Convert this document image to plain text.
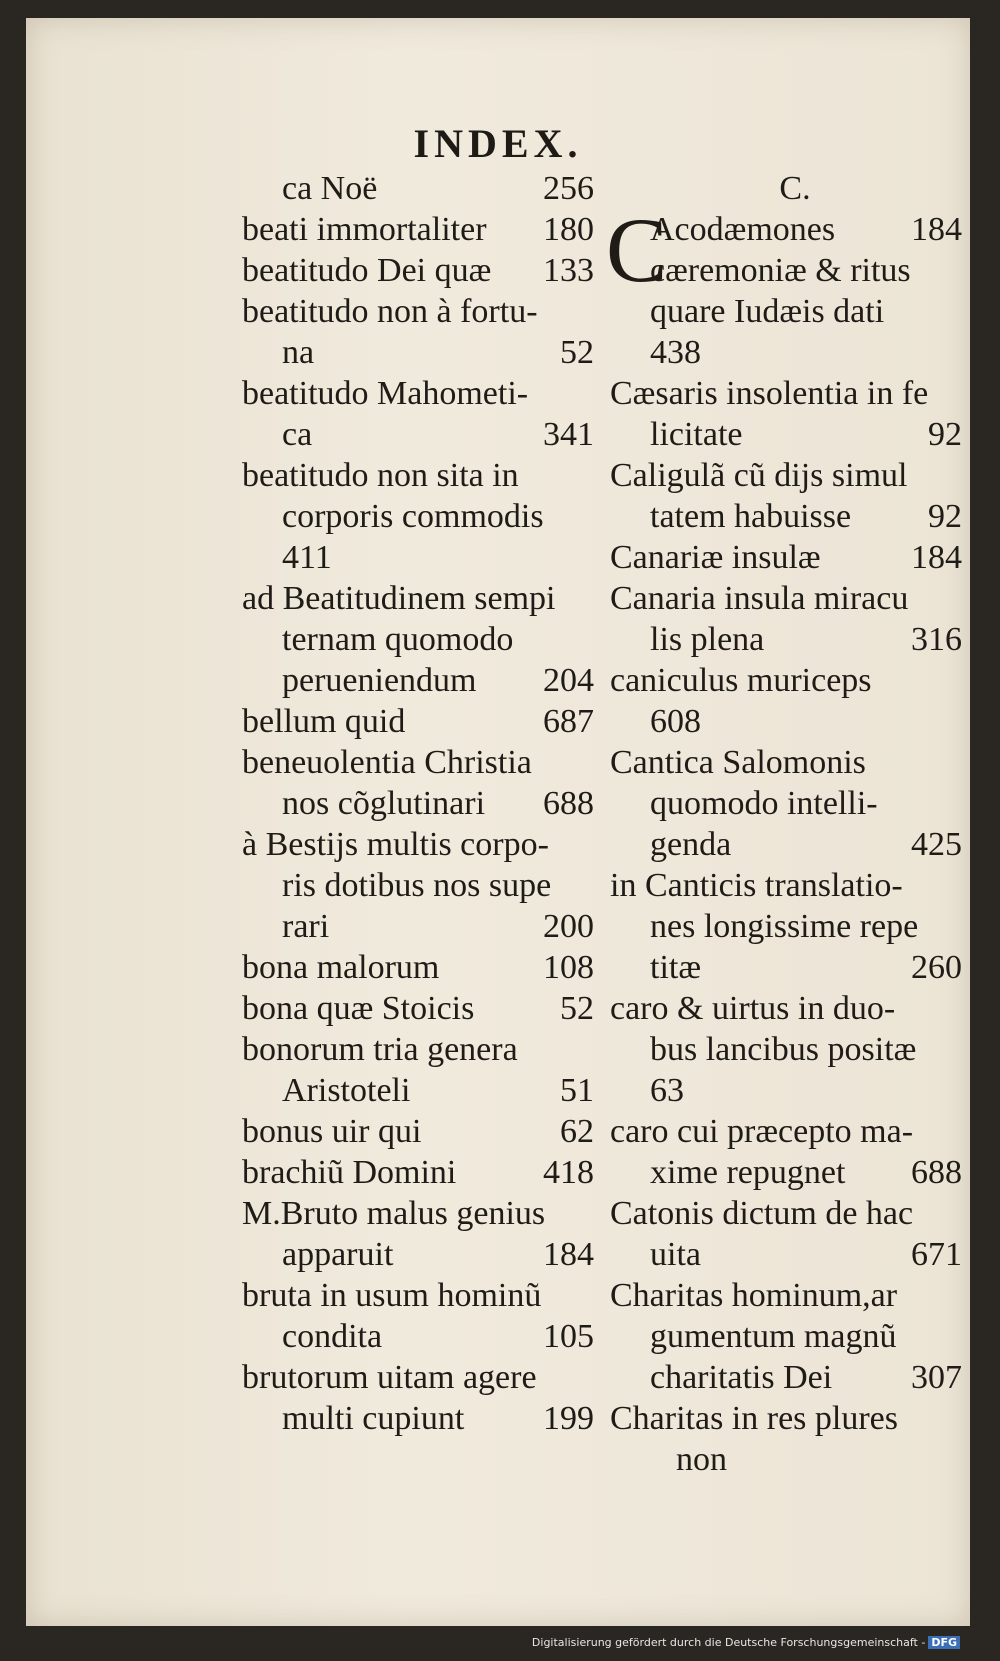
INDEX.
ca Noë	256
beati immortaliter 180
beatitudo Dei quæ 133
beatitudo non à fortu-
na	52
beatitudo Mahometi-
ca	341
beatitudo non sita in
corporis commodis
411
ad Beatitudinem sempi
ternam quomodo
perueniendum 204
bellum quid	687
beneuolentia Christia
nos cõglutinari 688
à Bestijs multis corpo-
ris dotibus nos supe
rari	200
bona malorum	108
bona quæ Stoicis	52
bonorum tria genera
Aristoteli	51
bonus uir qui	62
brachiũ Domini	418
M.Bruto malus genius
apparuit	184
bruta in usum hominũ
condita	105
brutorum uitam agere
multi cupiunt 199
C.
C
Acodæmones 184
cæremoniæ & ritus
quare Iudæis dati
438
Cæsaris insolentia in fe
licitate	92
Caligulã cũ dijs simul
tatem habuisse 92
Canariæ insulæ	184
Canaria insula miracu
lis plena	316
caniculus muriceps
608
Cantica Salomonis
quomodo intelli-
genda	425
in Canticis translatio-
nes longissime repe
titæ	260
caro & uirtus in duo-
bus lancibus positæ
63
caro cui præcepto ma-
xime repugnet 688
Catonis dictum de hac
uita	671
Charitas hominum,ar
gumentum magnũ
charitatis Dei 307
Charitas in res plures
non
Digitalisierung gefördert durch die Deutsche Forschungsgemeinschaft - DFG
